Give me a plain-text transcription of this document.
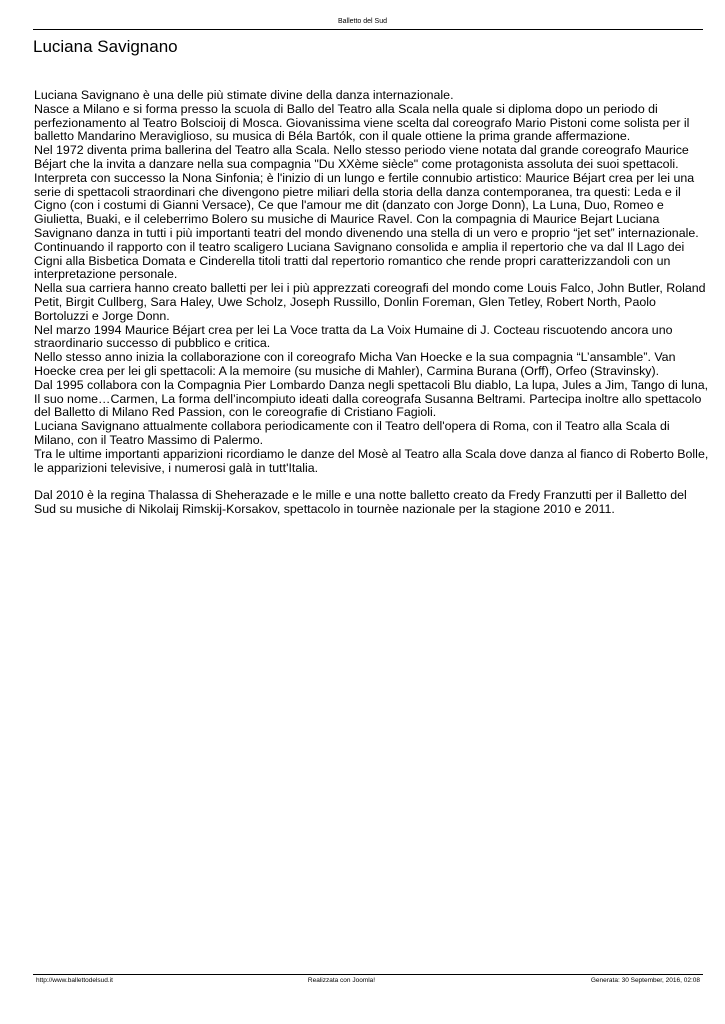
Balletto del Sud
Luciana Savignano

Luciana Savignano è una delle più stimate divine della danza internazionale.

Nasce a Milano e si forma presso la scuola di Ballo del Teatro alla Scala nella quale si diploma dopo un periodo di perfezionamento al Teatro Bolscioij di Mosca. Giovanissima viene scelta dal coreografo Mario Pistoni come solista per il balletto Mandarino Meraviglioso, su musica di Béla Bartók, con il quale ottiene la prima grande affermazione.

Nel 1972 diventa prima ballerina del Teatro alla Scala. Nello stesso periodo viene notata dal grande coreografo Maurice Béjart che la invita a danzare nella sua compagnia "Du XXème siècle" come protagonista assoluta dei suoi spettacoli.

Interpreta con successo la Nona Sinfonia; è l'inizio di un lungo e fertile connubio artistico: Maurice Béjart crea per lei una serie di spettacoli straordinari che divengono pietre miliari della storia della danza contemporanea, tra questi: Leda e il Cigno (con i costumi di Gianni Versace), Ce que l'amour me dit (danzato con Jorge Donn), La Luna, Duo, Romeo e Giulietta, Buaki, e il celeberrimo Bolero su musiche di Maurice Ravel. Con la compagnia di Maurice Bejart Luciana Savignano danza in tutti i più importanti teatri del mondo divenendo una stella di un vero e proprio “jet set” internazionale.

Continuando il rapporto con il teatro scaligero Luciana Savignano consolida e amplia il repertorio che va dal Il Lago dei Cigni alla Bisbetica Domata e Cinderella titoli tratti dal repertorio romantico che rende propri caratterizzandoli con un interpretazione personale.

Nella sua carriera hanno creato balletti per lei i più apprezzati coreografi del mondo come Louis Falco, John Butler, Roland Petit, Birgit Cullberg, Sara Haley, Uwe Scholz, Joseph Russillo, Donlin Foreman, Glen Tetley, Robert North, Paolo Bortoluzzi e Jorge Donn.

Nel marzo 1994 Maurice Béjart crea per lei La Voce tratta da La Voix Humaine di J. Cocteau riscuotendo ancora uno straordinario successo di pubblico e critica.

Nello stesso anno inizia la collaborazione con il coreografo Micha Van Hoecke e la sua compagnia “L’ansamble”. Van Hoecke crea per lei gli spettacoli: A la memoire (su musiche di Mahler), Carmina Burana (Orff), Orfeo (Stravinsky).

Dal 1995 collabora con la Compagnia Pier Lombardo Danza negli spettacoli Blu diablo, La lupa, Jules a Jim, Tango di luna, Il suo nome…Carmen, La forma dell’incompiuto ideati dalla coreografa Susanna Beltrami. Partecipa inoltre allo spettacolo del Balletto di Milano Red Passion, con le coreografie di Cristiano Fagioli.

Luciana Savignano attualmente collabora periodicamente con il Teatro dell'opera di Roma, con il Teatro alla Scala di Milano, con il Teatro Massimo di Palermo.

Tra le ultime importanti apparizioni ricordiamo le danze del Mosè al Teatro alla Scala dove danza al fianco di Roberto Bolle, le apparizioni televisive, i numerosi galà in tutt'Italia.

Dal 2010 è la regina Thalassa di Sheherazade e le mille e una notte balletto creato da Fredy Franzutti per il Balletto del Sud su musiche di Nikolaij Rimskij-Korsakov, spettacolo in tournèe nazionale per la stagione 2010 e 2011.

http://www.ballettodelsud.it	Realizzata con Joomla!	Generata: 30 September, 2016, 02:08
